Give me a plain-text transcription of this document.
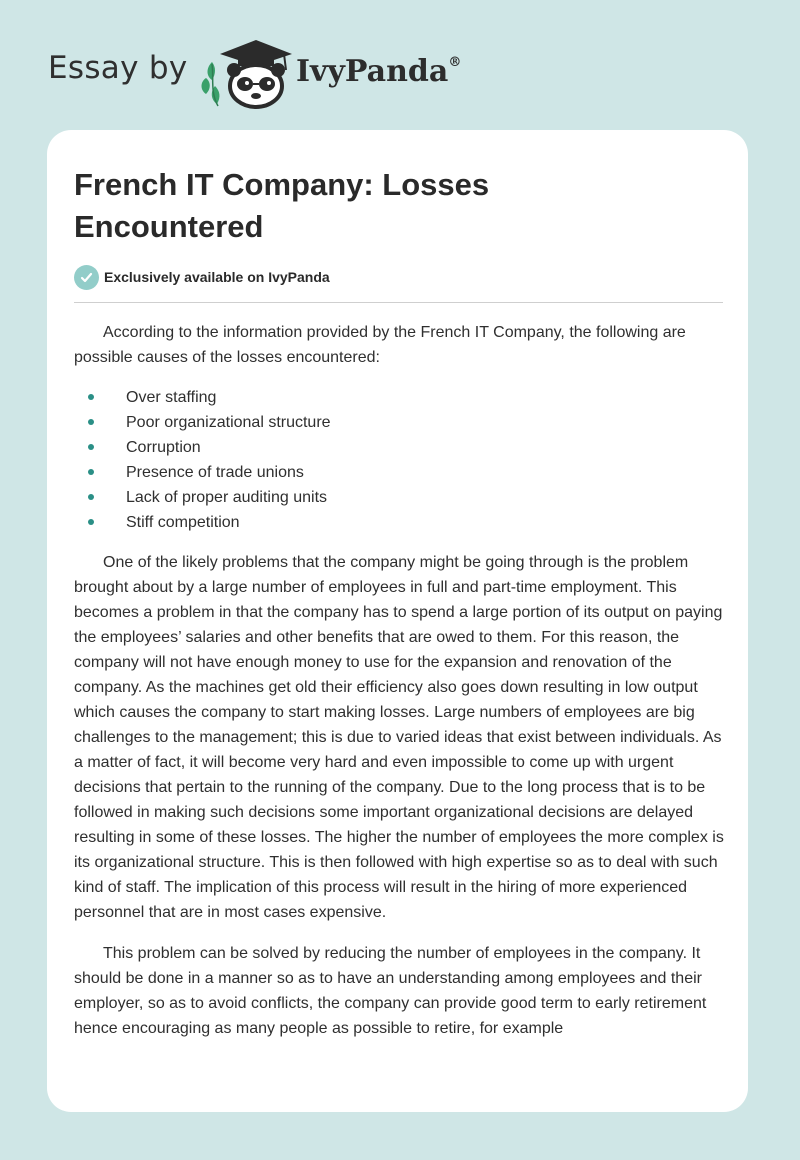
Essay by	IvyPanda®
French IT Company: Losses Encountered
Exclusively available on IvyPanda

According to the information provided by the French IT Company, the following are possible causes of the losses encountered:

Over staffing
Poor organizational structure
Corruption
Presence of trade unions
Lack of proper auditing units
Stiff competition

One of the likely problems that the company might be going through is the problem brought about by a large number of employees in full and part-time employment. This becomes a problem in that the company has to spend a large portion of its output on paying the employees’ salaries and other benefits that are owed to them. For this reason, the company will not have enough money to use for the expansion and renovation of the company. As the machines get old their efficiency also goes down resulting in low output which causes the company to start making losses. Large numbers of employees are big challenges to the management; this is due to varied ideas that exist between individuals. As a matter of fact, it will become very hard and even impossible to come up with urgent decisions that pertain to the running of the company. Due to the long process that is to be followed in making such decisions some important organizational decisions are delayed resulting in some of these losses. The higher the number of employees the more complex is its organizational structure. This is then followed with high expertise so as to deal with such kind of staff. The implication of this process will result in the hiring of more experienced personnel that are in most cases expensive.

This problem can be solved by reducing the number of employees in the company. It should be done in a manner so as to have an understanding among employees and their employer, so as to avoid conflicts, the company can provide good term to early retirement hence encouraging as many people as possible to retire, for example
